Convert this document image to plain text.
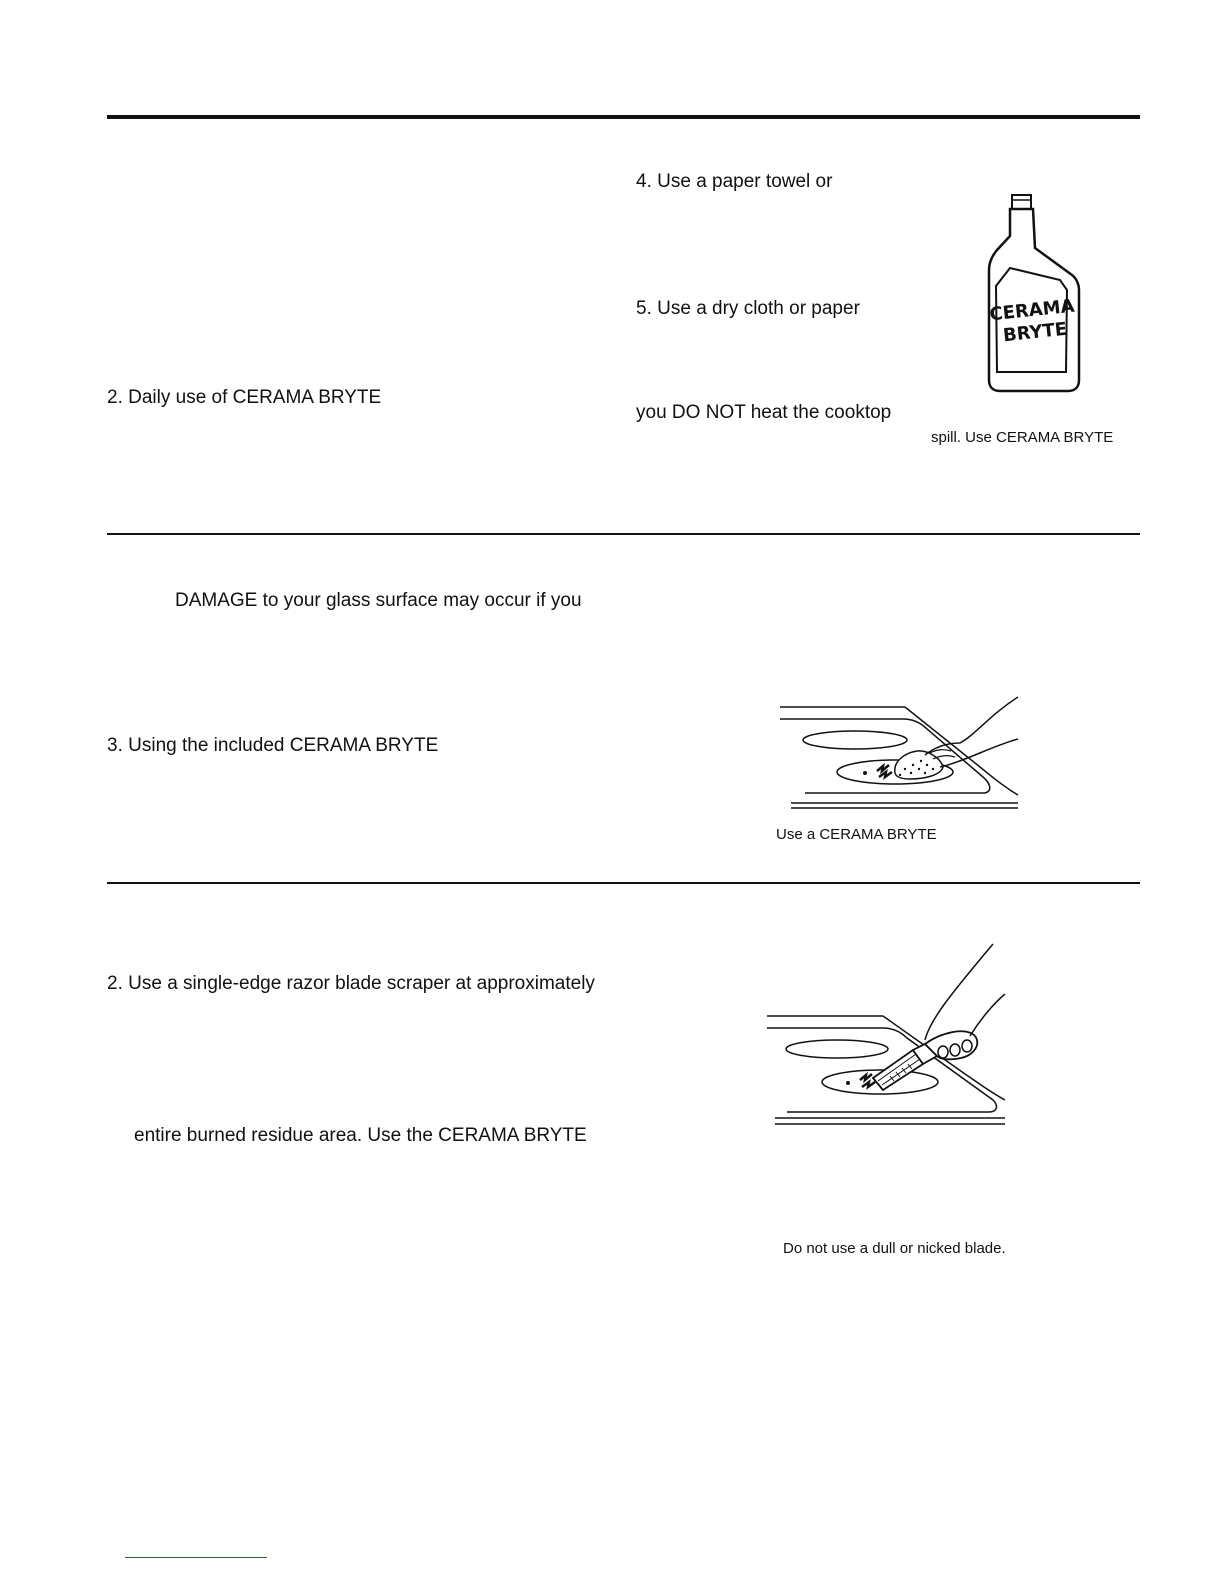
2. Daily use of CERAMA BRYTE
DAMAGE to your glass surface may occur if you
3. Using the included CERAMA BRYTE
2. Use a single-edge razor blade scraper at approximately
entire burned residue area. Use the CERAMA BRYTE
4. Use a paper towel or
5. Use a dry cloth or paper
you DO NOT heat the cooktop
spill. Use CERAMA BRYTE
CERAMA
BRYTE
Use a CERAMA BRYTE
Do not use a dull or nicked blade.
